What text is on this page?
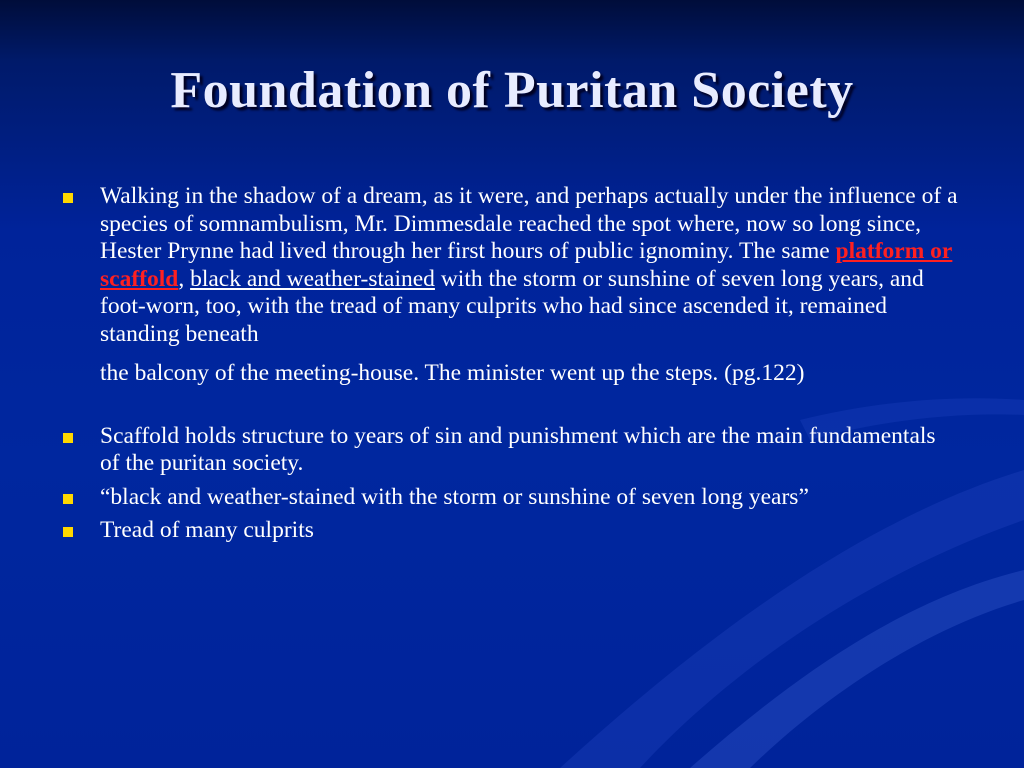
Foundation of Puritan Society
Walking in the shadow of a dream, as it were, and perhaps actually under the influence of a species of somnambulism, Mr. Dimmesdale reached the spot where, now so long since, Hester Prynne had lived through her first hours of public ignominy. The same platform or scaffold, black and weather-stained with the storm or sunshine of seven long years, and foot-worn, too, with the tread of many culprits who had since ascended it, remained standing beneath
the balcony of the meeting-house. The minister went up the steps. (pg.122)
Scaffold holds structure to years of sin and punishment which are the main fundamentals of the puritan society.
“black and weather-stained with the storm or sunshine of seven long years”
Tread of many culprits
